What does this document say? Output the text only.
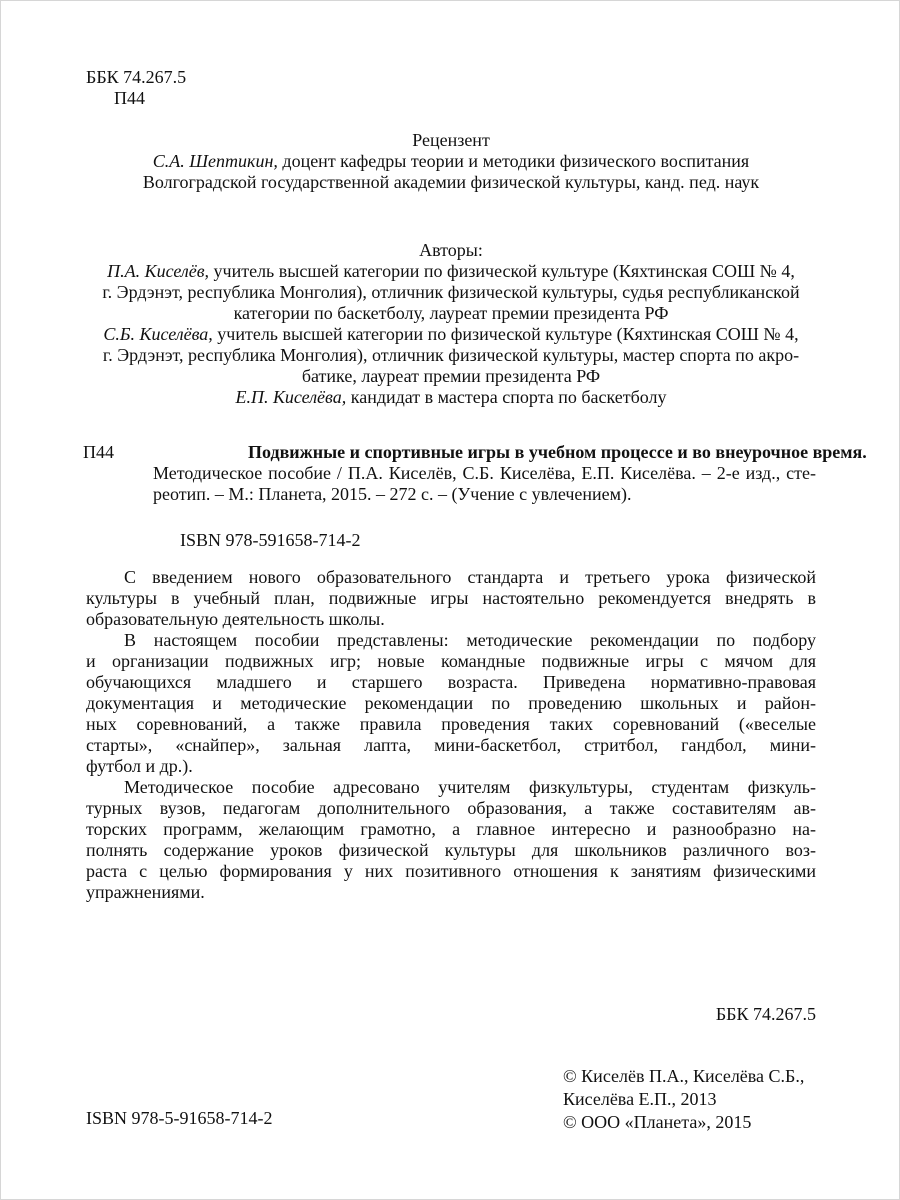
ББК 74.267.5
П44
Рецензент
С.А. Шептикин, доцент кафедры теории и методики физического воспитания
Волгоградской государственной академии физической культуры, канд. пед. наук
Авторы:
П.А. Киселёв, учитель высшей категории по физической культуре (Кяхтинская СОШ № 4,
г. Эрдэнэт, республика Монголия), отличник физической культуры, судья республиканской
категории по баскетболу, лауреат премии президента РФ
С.Б. Киселёва, учитель высшей категории по физической культуре (Кяхтинская СОШ № 4,
г. Эрдэнэт, республика Монголия), отличник физической культуры, мастер спорта по акро-
батике, лауреат премии президента РФ
Е.П. Киселёва, кандидат в мастера спорта по баскетболу
П44	Подвижные и спортивные игры в учебном процессе и во внеурочное время.
Методическое пособие / П.А. Киселёв, С.Б. Киселёва, Е.П. Киселёва. – 2-е изд., сте-
реотип. – М.: Планета, 2015. – 272 с. – (Учение с увлечением).
ISBN 978-591658-714-2
С введением нового образовательного стандарта и третьего урока физической
культуры в учебный план, подвижные игры настоятельно рекомендуется внедрять в
образовательную деятельность школы.
В настоящем пособии представлены: методические рекомендации по подбору
и организации подвижных игр; новые командные подвижные игры с мячом для
обучающихся младшего и старшего возраста. Приведена нормативно-правовая
документация и методические рекомендации по проведению школьных и район-
ных соревнований, а также правила проведения таких соревнований («веселые
старты», «снайпер», зальная лапта, мини-баскетбол, стритбол, гандбол, мини-
футбол и др.).
Методическое пособие адресовано учителям физкультуры, студентам физкуль-
турных вузов, педагогам дополнительного образования, а также составителям ав-
торских программ, желающим грамотно, а главное интересно и разнообразно на-
полнять содержание уроков физической культуры для школьников различного воз-
раста с целью формирования у них позитивного отношения к занятиям физическими
упражнениями.
ББК 74.267.5
© Киселёв П.А., Киселёва С.Б.,
Киселёва Е.П., 2013
© ООО «Планета», 2015
ISBN 978-5-91658-714-2
